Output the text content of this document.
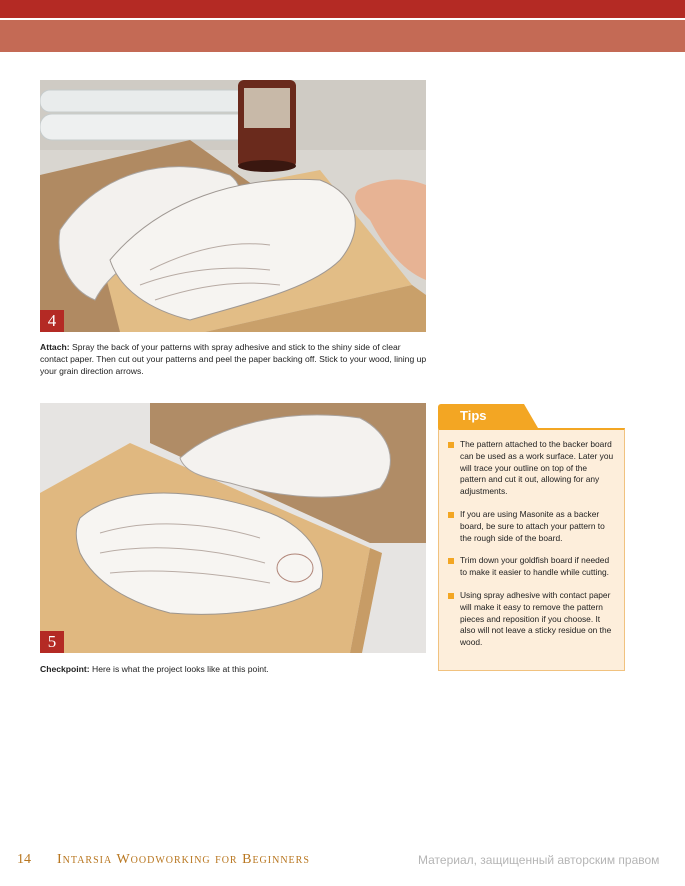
4
Attach: Spray the back of your patterns with spray adhesive and stick to the shiny side of clear contact paper. Then cut out your patterns and peel the paper backing off. Stick to your wood, lining up your grain direction arrows.
5
Checkpoint: Here is what the project looks like at this point.
Tips
The pattern attached to the backer board can be used as a work surface. Later you will trace your outline on top of the pattern and cut it out, allowing for any adjustments.
If you are using Masonite as a backer board, be sure to attach your pattern to the rough side of the board.
Trim down your goldfish board if needed to make it easier to handle while cutting.
Using spray adhesive with contact paper will make it easy to remove the pattern pieces and reposition if you choose. It also will not leave a sticky residue on the wood.
14 Intarsia Woodworking for Beginners	Материал, защищенный авторским правом
